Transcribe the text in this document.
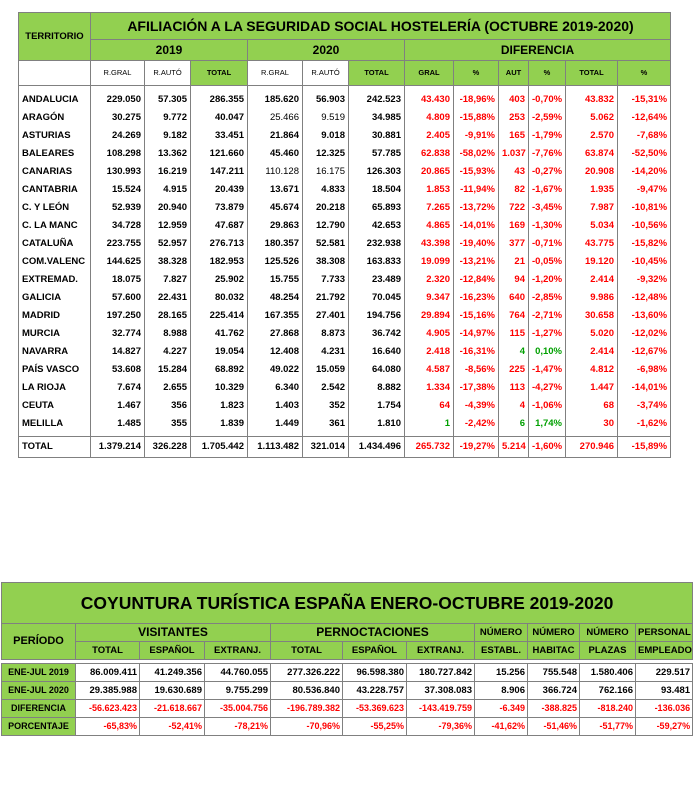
TERRITORIO	AFILIACIÓN A LA SEGURIDAD SOCIAL HOSTELERÍA (OCTUBRE 2019-2020)											
	2019			2020			DIFERENCIA					
	R.GRAL	R.AUTÓ	TOTAL	R.GRAL	R.AUTÓ	TOTAL	GRAL	%	AUT	%	TOTAL	%
ANDALUCIA	229.050	57.305	286.355	185.620	56.903	242.523	43.430	-18,96%	403	-0,70%	43.832	-15,31%
ARAGÓN	30.275	9.772	40.047	25.466	9.519	34.985	4.809	-15,88%	253	-2,59%	5.062	-12,64%
ASTURIAS	24.269	9.182	33.451	21.864	9.018	30.881	2.405	-9,91%	165	-1,79%	2.570	-7,68%
BALEARES	108.298	13.362	121.660	45.460	12.325	57.785	62.838	-58,02%	1.037	-7,76%	63.874	-52,50%
CANARIAS	130.993	16.219	147.211	110.128	16.175	126.303	20.865	-15,93%	43	-0,27%	20.908	-14,20%
CANTABRIA	15.524	4.915	20.439	13.671	4.833	18.504	1.853	-11,94%	82	-1,67%	1.935	-9,47%
C. Y LEÓN	52.939	20.940	73.879	45.674	20.218	65.893	7.265	-13,72%	722	-3,45%	7.987	-10,81%
C. LA MANC	34.728	12.959	47.687	29.863	12.790	42.653	4.865	-14,01%	169	-1,30%	5.034	-10,56%
CATALUÑA	223.755	52.957	276.713	180.357	52.581	232.938	43.398	-19,40%	377	-0,71%	43.775	-15,82%
COM.VALENC	144.625	38.328	182.953	125.526	38.308	163.833	19.099	-13,21%	21	-0,05%	19.120	-10,45%
EXTREMAD.	18.075	7.827	25.902	15.755	7.733	23.489	2.320	-12,84%	94	-1,20%	2.414	-9,32%
GALICIA	57.600	22.431	80.032	48.254	21.792	70.045	9.347	-16,23%	640	-2,85%	9.986	-12,48%
MADRID	197.250	28.165	225.414	167.355	27.401	194.756	29.894	-15,16%	764	-2,71%	30.658	-13,60%
MURCIA	32.774	8.988	41.762	27.868	8.873	36.742	4.905	-14,97%	115	-1,27%	5.020	-12,02%
NAVARRA	14.827	4.227	19.054	12.408	4.231	16.640	2.418	-16,31%	4	0,10%	2.414	-12,67%
PAÍS VASCO	53.608	15.284	68.892	49.022	15.059	64.080	4.587	-8,56%	225	-1,47%	4.812	-6,98%
LA RIOJA	7.674	2.655	10.329	6.340	2.542	8.882	1.334	-17,38%	113	-4,27%	1.447	-14,01%
CEUTA	1.467	356	1.823	1.403	352	1.754	64	-4,39%	4	-1,06%	68	-3,74%
MELILLA	1.485	355	1.839	1.449	361	1.810	1	-2,42%	6	1,74%	30	-1,62%
TOTAL	1.379.214	326.228	1.705.442	1.113.482	321.014	1.434.496	265.732	-19,27%	5.214	-1,60%	270.946	-15,89%
COYUNTURA TURÍSTICA ESPAÑA ENERO-OCTUBRE 2019-2020										
PERÍODO	VISITANTES			PERNOCTACIONES			NÚMERO	NÚMERO	NÚMERO	PERSONAL
	TOTAL	ESPAÑOL	EXTRANJ.	TOTAL	ESPAÑOL	EXTRANJ.	ESTABL.	HABITAC	PLAZAS	EMPLEADO

ENE-JUL 2019	86.009.411	41.249.356	44.760.055	277.326.222	96.598.380	180.727.842	15.256	755.548	1.580.406	229.517
ENE-JUL 2020	29.385.988	19.630.689	9.755.299	80.536.840	43.228.757	37.308.083	8.906	366.724	762.166	93.481
DIFERENCIA	-56.623.423	-21.618.667	-35.004.756	-196.789.382	-53.369.623	-143.419.759	-6.349	-388.825	-818.240	-136.036
PORCENTAJE	-65,83%	-52,41%	-78,21%	-70,96%	-55,25%	-79,36%	-41,62%	-51,46%	-51,77%	-59,27%
